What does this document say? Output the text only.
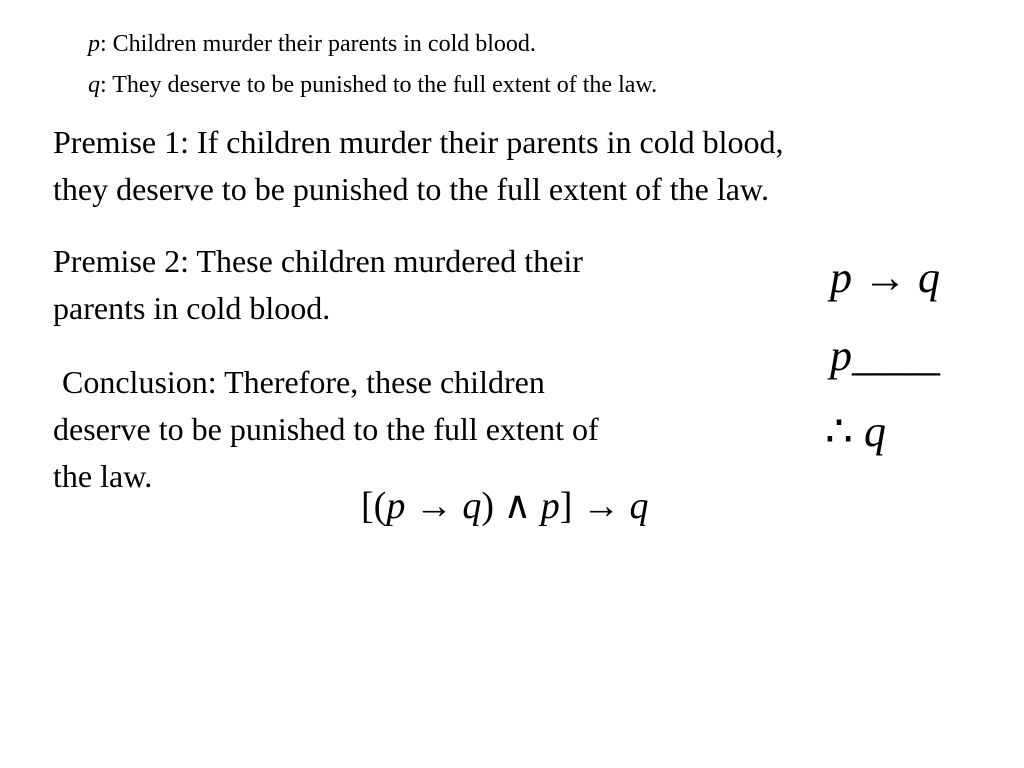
p: Children murder their parents in cold blood.
q: They deserve to be punished to the full extent of the law.
Premise 1: If children murder their parents in cold blood,
they deserve to be punished to the full extent of the law.
Premise 2: These children murdered their
parents in cold blood.
Conclusion: Therefore, these children
deserve to be punished to the full extent of
the law.
p → q
p____
∴ q
[(p → q) ∧ p] → q
